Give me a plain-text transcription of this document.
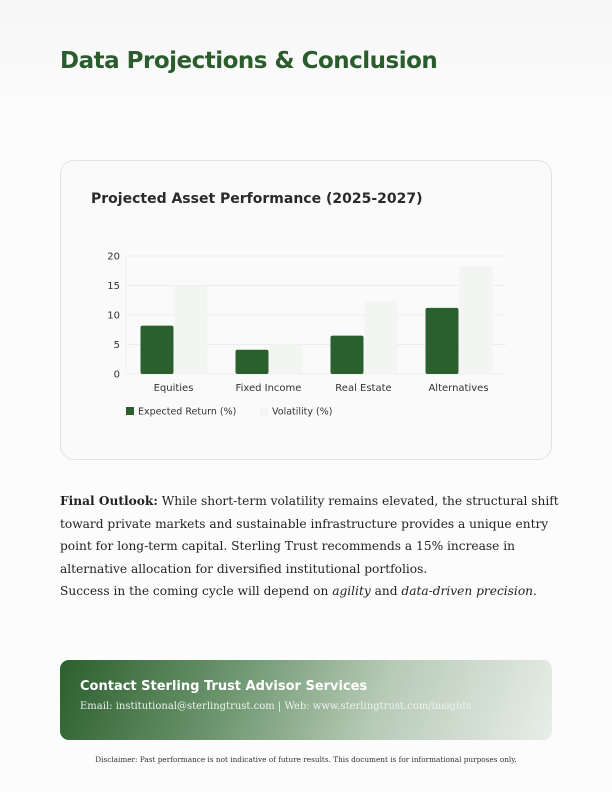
Data Projections & Conclusion
Projected Asset Performance (2025-2027)
0
5
10
15
20
Equities	Fixed Income	Real Estate	Alternatives
Expected Return (%)	Volatility (%)
Final Outlook: While short-term volatility remains elevated, the structural shift toward private markets and sustainable infrastructure provides a unique entry point for long-term capital. Sterling Trust recommends a 15% increase in alternative allocation for diversified institutional portfolios.
Success in the coming cycle will depend on agility and data-driven precision.
Contact Sterling Trust Advisor Services

Email: institutional@sterlingtrust.com | Web: www.sterlingtrust.com/insights

Disclaimer: Past performance is not indicative of future results. This document is for informational purposes only.
